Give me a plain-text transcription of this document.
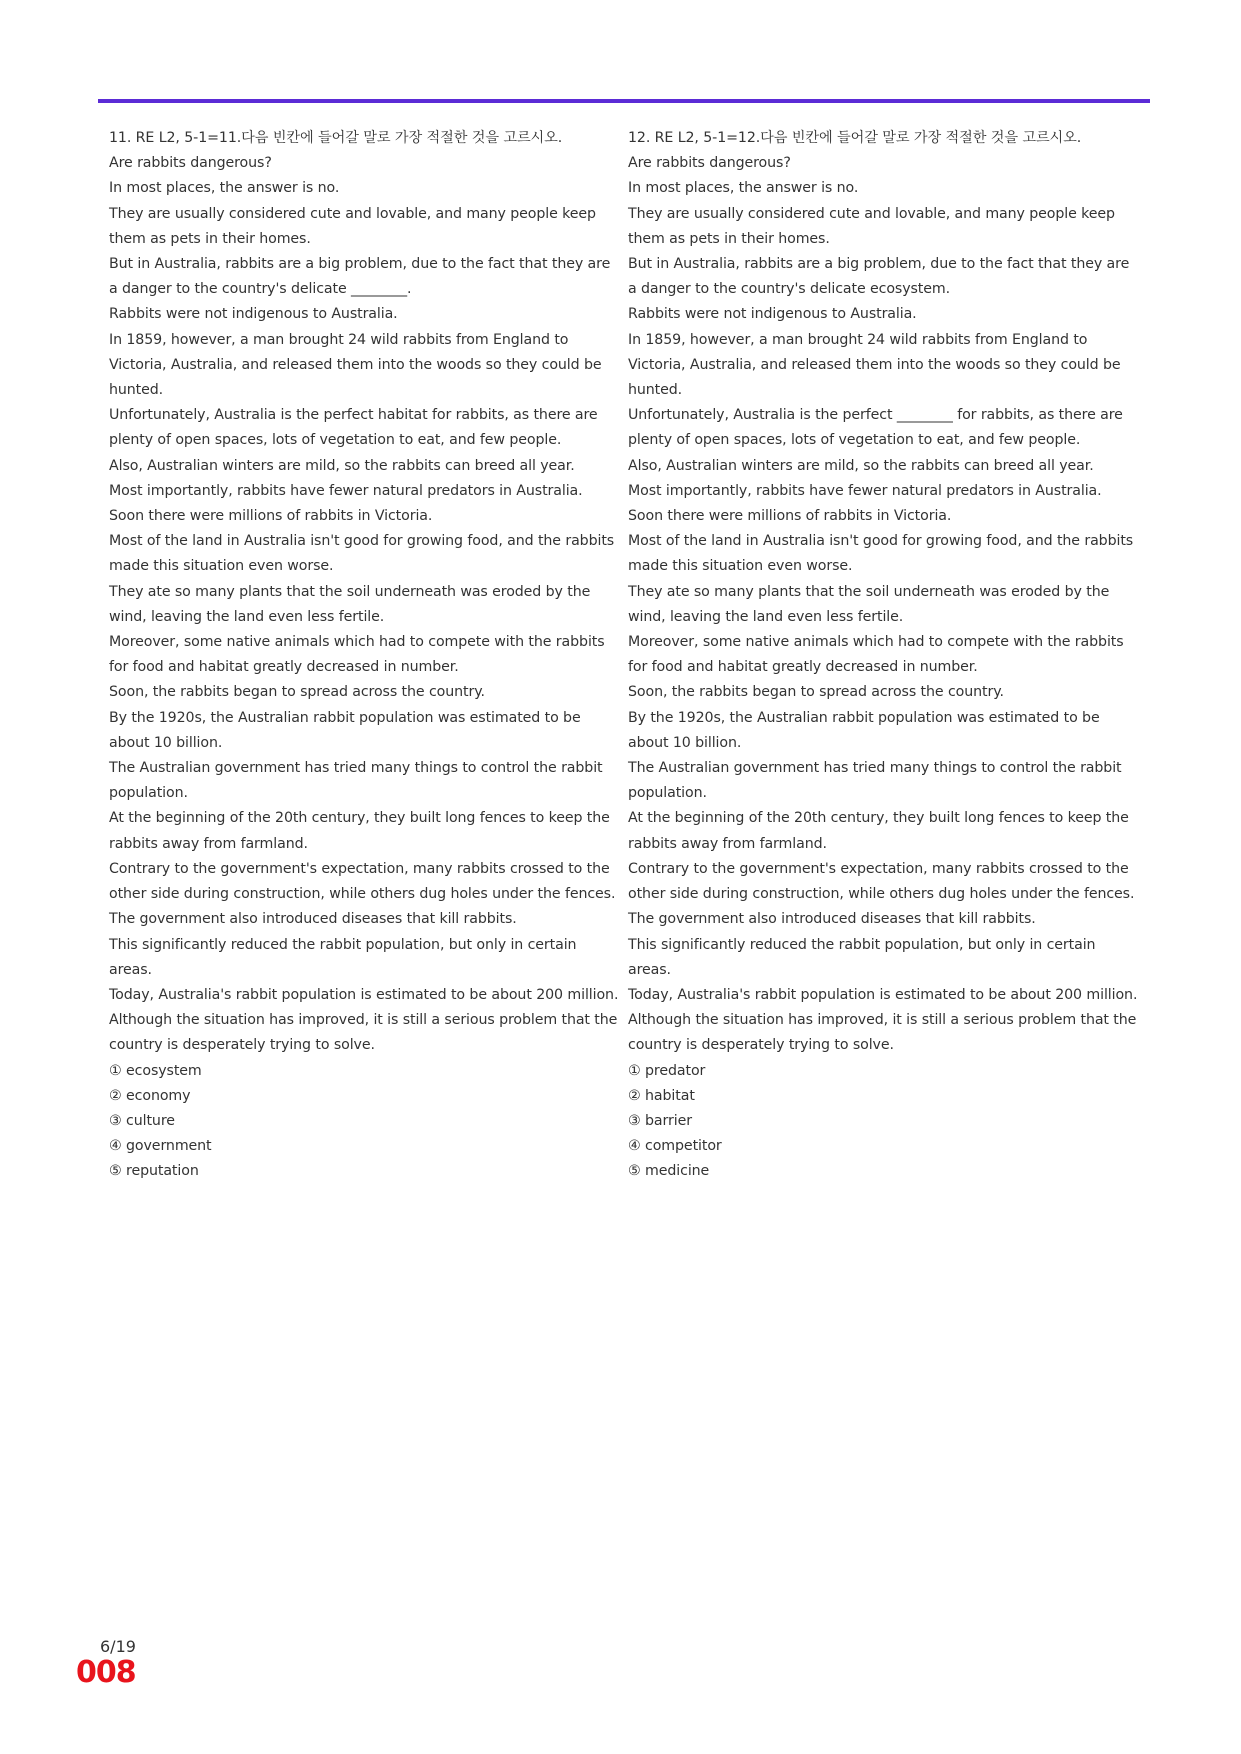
11. RE L2, 5-1=11.다음 빈칸에 들어갈 말로 가장 적절한 것을 고르시오.

Are rabbits dangerous?

In most places, the answer is no.

They are usually considered cute and lovable, and many people keep them as pets in their homes.

But in Australia, rabbits are a big problem, due to the fact that they are a danger to the country's delicate ________.

Rabbits were not indigenous to Australia.

In 1859, however, a man brought 24 wild rabbits from England to Victoria, Australia, and released them into the woods so they could be hunted.

Unfortunately, Australia is the perfect habitat for rabbits, as there are plenty of open spaces, lots of vegetation to eat, and few people.

Also, Australian winters are mild, so the rabbits can breed all year.

Most importantly, rabbits have fewer natural predators in Australia.

Soon there were millions of rabbits in Victoria.

Most of the land in Australia isn't good for growing food, and the rabbits made this situation even worse.

They ate so many plants that the soil underneath was eroded by the wind, leaving the land even less fertile.

Moreover, some native animals which had to compete with the rabbits for food and habitat greatly decreased in number.

Soon, the rabbits began to spread across the country.

By the 1920s, the Australian rabbit population was estimated to be about 10 billion.

The Australian government has tried many things to control the rabbit population.

At the beginning of the 20th century, they built long fences to keep the rabbits away from farmland.

Contrary to the government's expectation, many rabbits crossed to the other side during construction, while others dug holes under the fences.

The government also introduced diseases that kill rabbits.

This significantly reduced the rabbit population, but only in certain areas.

Today, Australia's rabbit population is estimated to be about 200 million.

Although the situation has improved, it is still a serious problem that the country is desperately trying to solve.

① ecosystem
② economy
③ culture
④ government
⑤ reputation

12. RE L2, 5-1=12.다음 빈칸에 들어갈 말로 가장 적절한 것을 고르시오.

Are rabbits dangerous?

In most places, the answer is no.

They are usually considered cute and lovable, and many people keep them as pets in their homes.

But in Australia, rabbits are a big problem, due to the fact that they are a danger to the country's delicate ecosystem.

Rabbits were not indigenous to Australia.

In 1859, however, a man brought 24 wild rabbits from England to Victoria, Australia, and released them into the woods so they could be hunted.

Unfortunately, Australia is the perfect ________ for rabbits, as there are plenty of open spaces, lots of vegetation to eat, and few people.

Also, Australian winters are mild, so the rabbits can breed all year.

Most importantly, rabbits have fewer natural predators in Australia.

Soon there were millions of rabbits in Victoria.

Most of the land in Australia isn't good for growing food, and the rabbits made this situation even worse.

They ate so many plants that the soil underneath was eroded by the wind, leaving the land even less fertile.

Moreover, some native animals which had to compete with the rabbits for food and habitat greatly decreased in number.

Soon, the rabbits began to spread across the country.

By the 1920s, the Australian rabbit population was estimated to be about 10 billion.

The Australian government has tried many things to control the rabbit population.

At the beginning of the 20th century, they built long fences to keep the rabbits away from farmland.

Contrary to the government's expectation, many rabbits crossed to the other side during construction, while others dug holes under the fences.

The government also introduced diseases that kill rabbits.

This significantly reduced the rabbit population, but only in certain areas.

Today, Australia's rabbit population is estimated to be about 200 million.

Although the situation has improved, it is still a serious problem that the country is desperately trying to solve.

① predator
② habitat
③ barrier
④ competitor
⑤ medicine
6/19
008
